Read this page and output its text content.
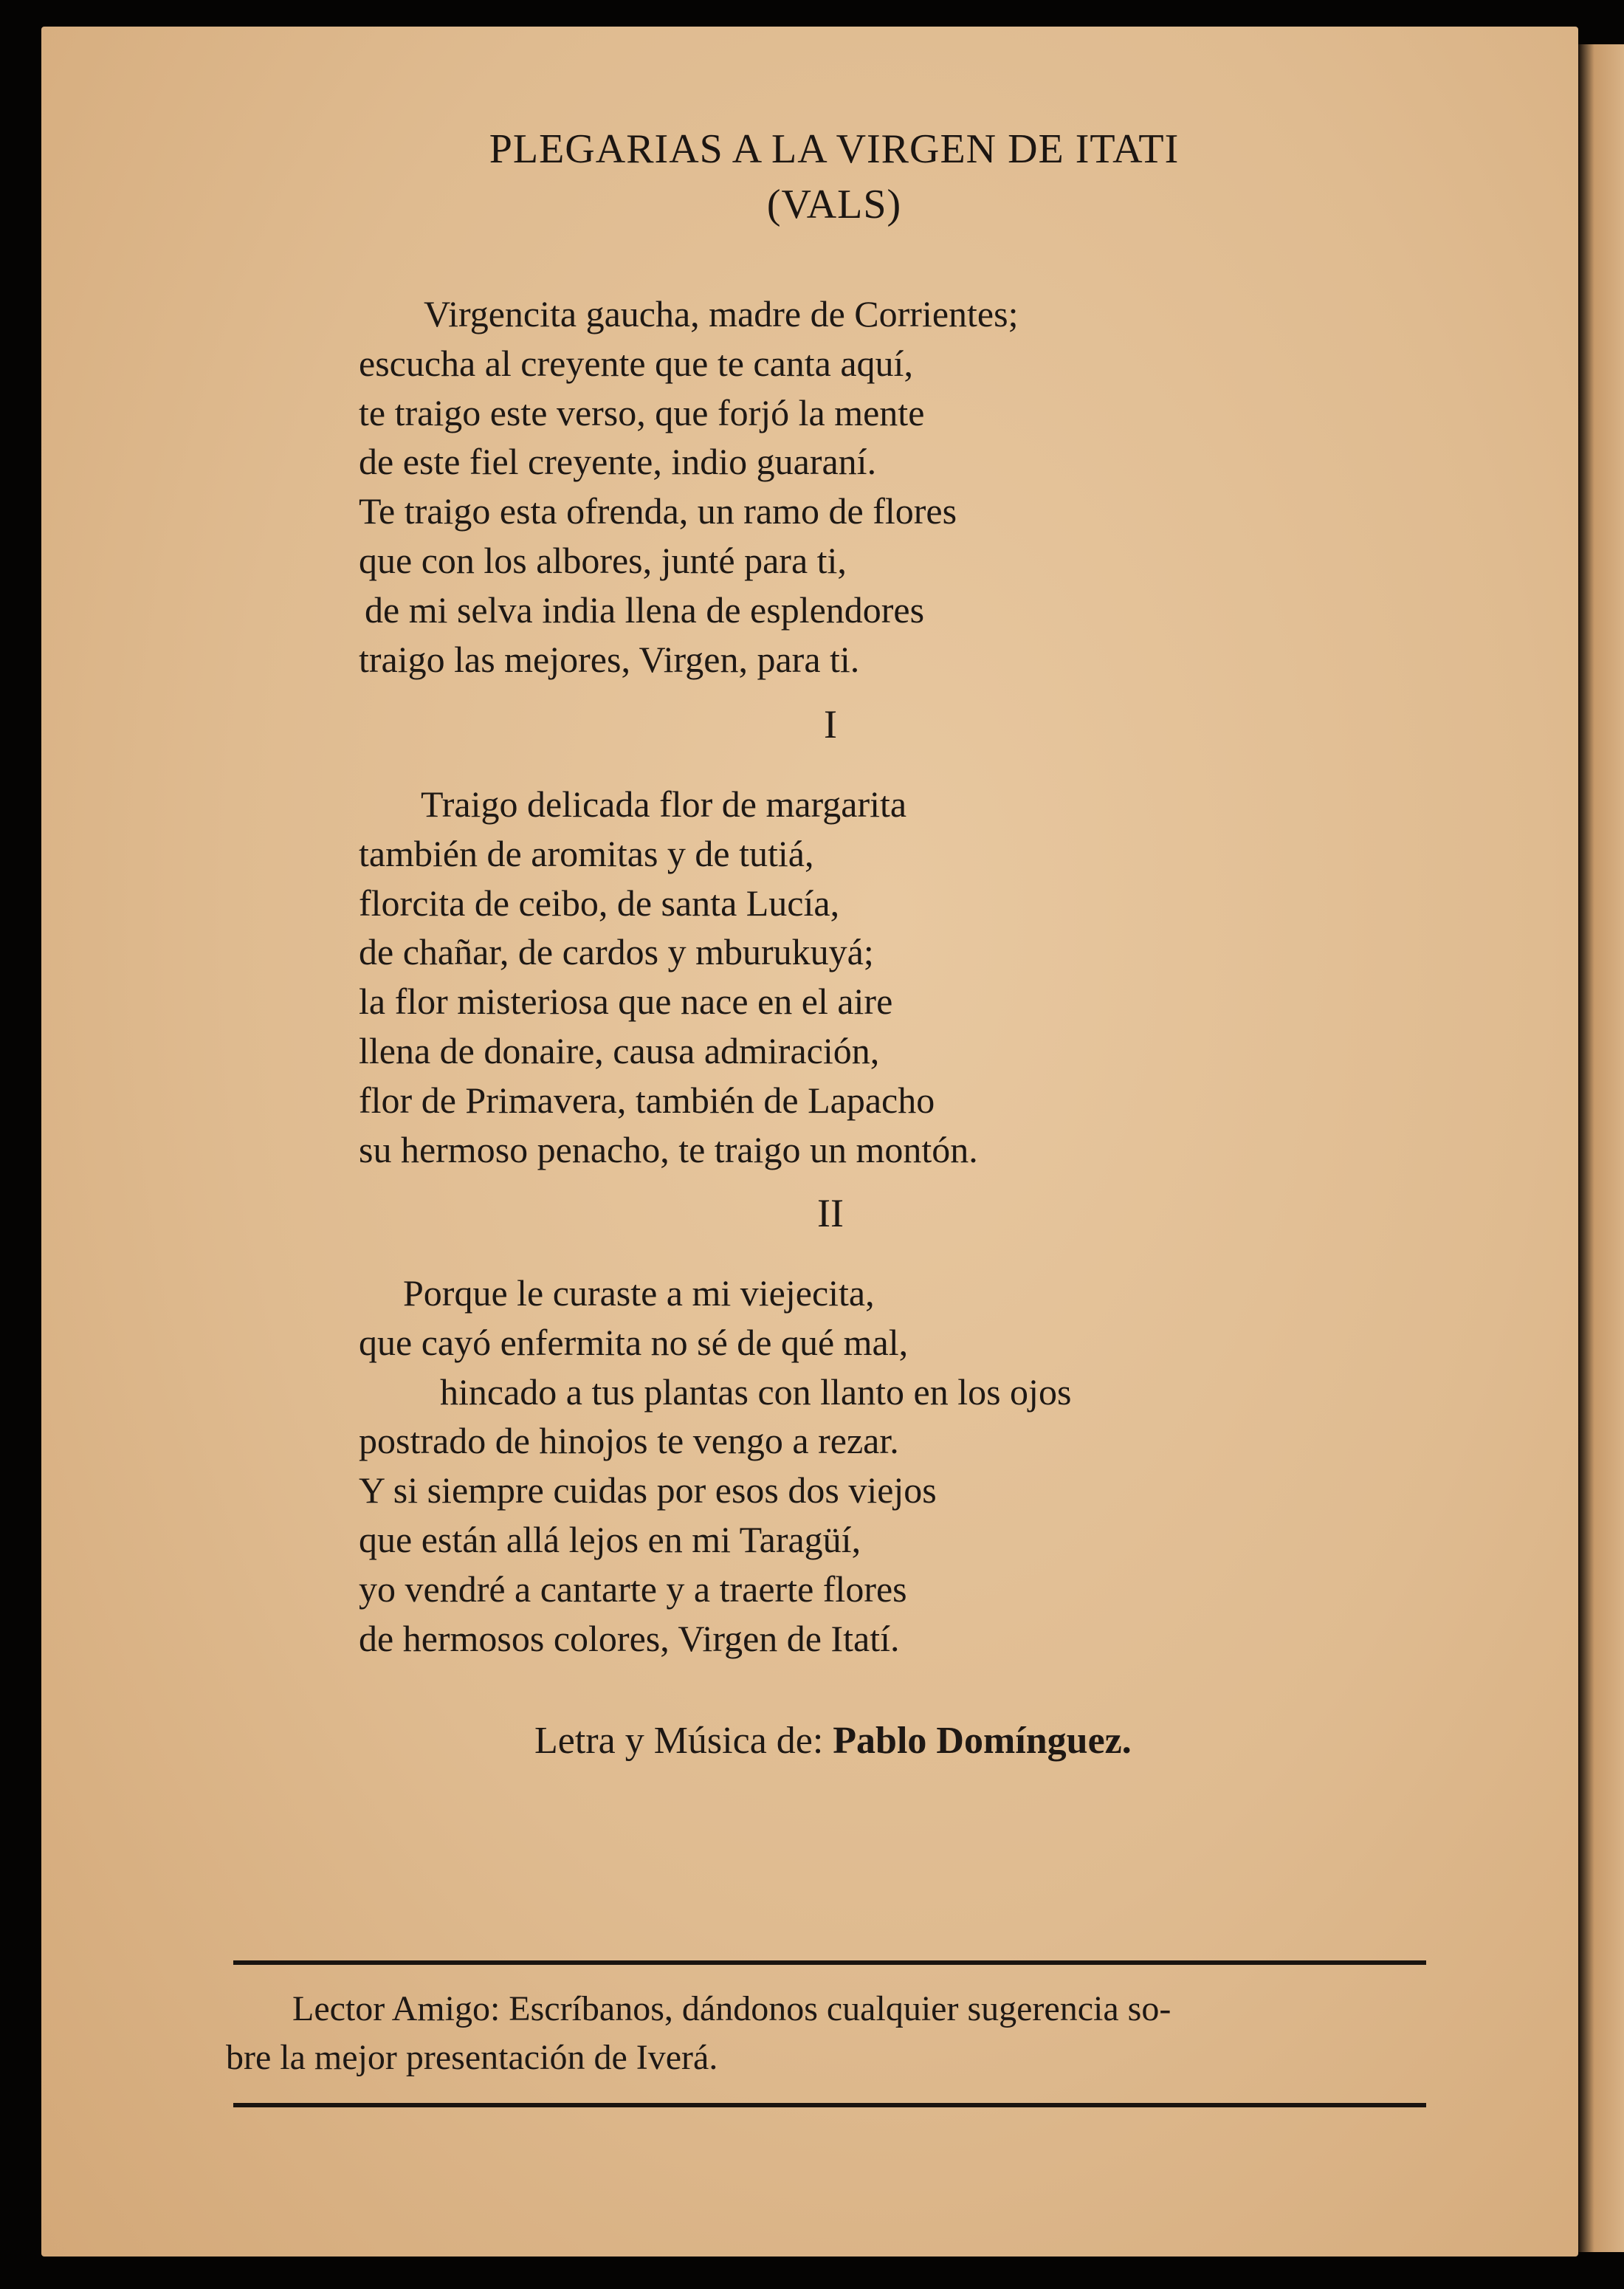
PLEGARIAS A LA VIRGEN DE ITATI
(VALS)
Virgencita gaucha, madre de Corrientes;
escucha al creyente que te canta aquí,
te traigo este verso, que forjó la mente
de este fiel creyente, indio guaraní.
Te traigo esta ofrenda, un ramo de flores
que con los albores, junté para ti,
de mi selva india llena de esplendores
traigo las mejores, Virgen, para ti.
I
Traigo delicada flor de margarita
también de aromitas y de tutiá,
florcita de ceibo, de santa Lucía,
de chañar, de cardos y mburukuyá;
la flor misteriosa que nace en el aire
llena de donaire, causa admiración,
flor de Primavera, también de Lapacho
su hermoso penacho, te traigo un montón.
II
Porque le curaste a mi viejecita,
que cayó enfermita no sé de qué mal,
hincado a tus plantas con llanto en los ojos
postrado de hinojos te vengo a rezar.
Y si siempre cuidas por esos dos viejos
que están allá lejos en mi Taragüí,
yo vendré a cantarte y a traerte flores
de hermosos colores, Virgen de Itatí.
Letra y Música de: Pablo Domínguez.
Lector Amigo: Escríbanos, dándonos cualquier sugerencia so-
bre la mejor presentación de Iverá.
